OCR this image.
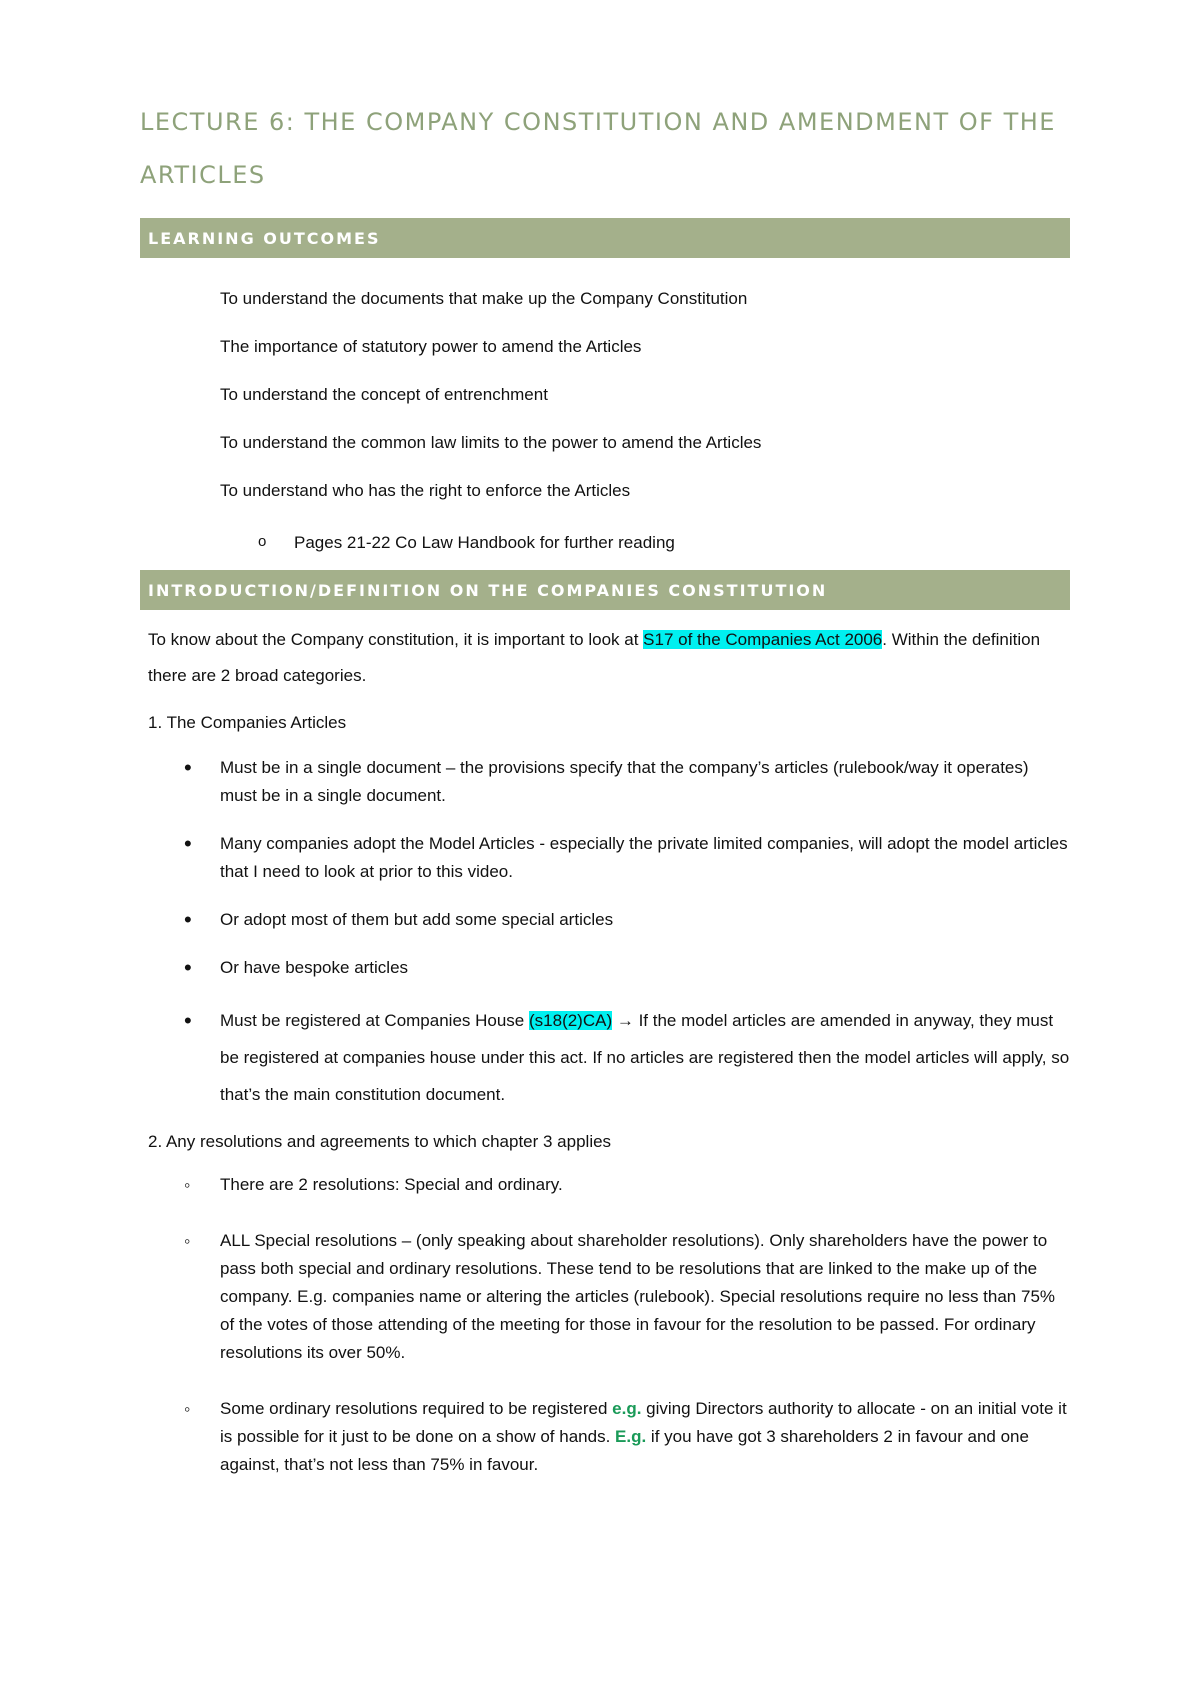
LECTURE 6: THE COMPANY CONSTITUTION AND AMENDMENT OF THE ARTICLES
LEARNING OUTCOMES
To understand the documents that make up the Company Constitution
The importance of statutory power to amend the Articles
To understand the concept of entrenchment
To understand the common law limits to the power to amend the Articles
To understand who has the right to enforce the Articles
o Pages 21-22 Co Law Handbook for further reading
INTRODUCTION/DEFINITION ON THE COMPANIES CONSTITUTION

To know about the Company constitution, it is important to look at S17 of the Companies Act 2006. Within the definition there are 2 broad categories.

1. The Companies Articles
• Must be in a single document – the provisions specify that the company’s articles (rulebook/way it operates) must be in a single document.
• Many companies adopt the Model Articles - especially the private limited companies, will adopt the model articles that I need to look at prior to this video.
• Or adopt most of them but add some special articles
• Or have bespoke articles
• Must be registered at Companies House (s18(2)CA) → If the model articles are amended in anyway, they must be registered at companies house under this act. If no articles are registered then the model articles will apply, so that’s the main constitution document.
2. Any resolutions and agreements to which chapter 3 applies
◦ There are 2 resolutions: Special and ordinary.
◦ ALL Special resolutions – (only speaking about shareholder resolutions). Only shareholders have the power to pass both special and ordinary resolutions. These tend to be resolutions that are linked to the make up of the company. E.g. companies name or altering the articles (rulebook). Special resolutions require no less than 75% of the votes of those attending of the meeting for those in favour for the resolution to be passed. For ordinary resolutions its over 50%.
◦ Some ordinary resolutions required to be registered e.g. giving Directors authority to allocate - on an initial vote it is possible for it just to be done on a show of hands. E.g. if you have got 3 shareholders 2 in favour and one against, that’s not less than 75% in favour.
